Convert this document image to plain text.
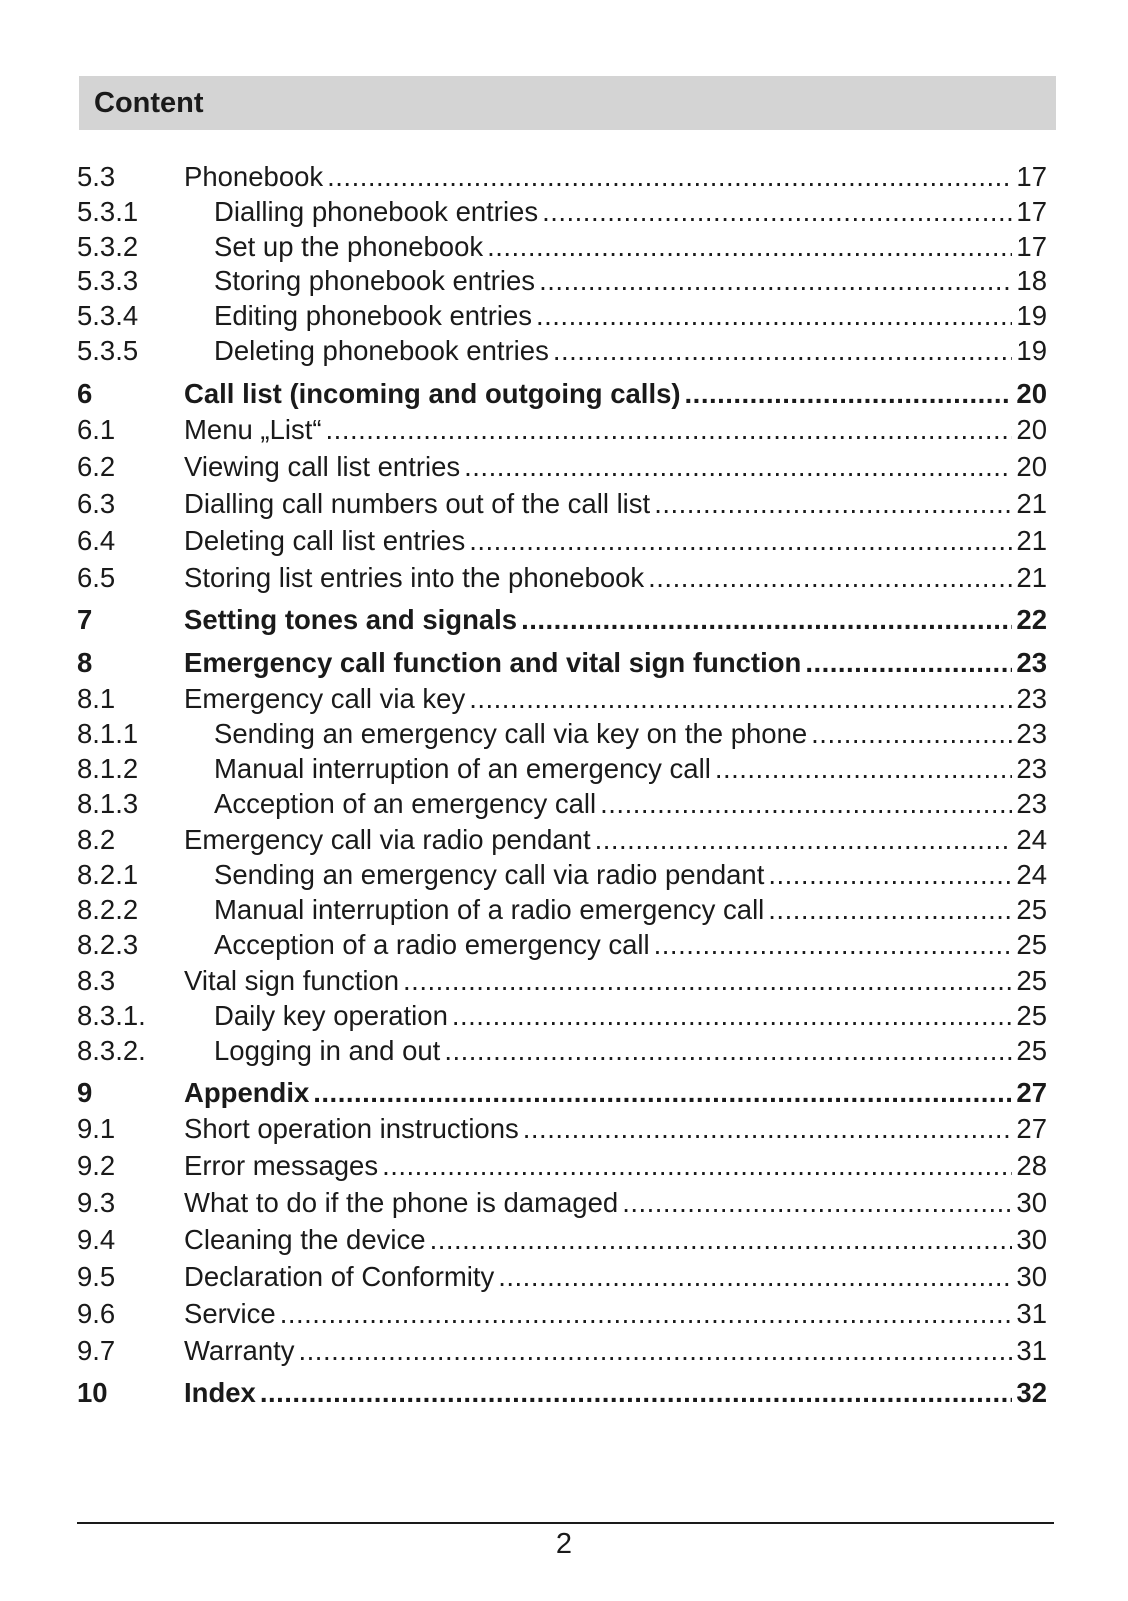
Content
5.3	Phonebook .....	17
5.3.1	Dialling phonebook entries .....	17
5.3.2	Set up the phonebook .....	17
5.3.3	Storing phonebook entries .....	18
5.3.4	Editing phonebook entries .....	19
5.3.5	Deleting phonebook entries .....	19
6	Call list (incoming and outgoing calls) .....	20
6.1	Menu „List“ .....	20
6.2	Viewing call list entries .....	20
6.3	Dialling call numbers out of the call list .....	21
6.4	Deleting call list entries .....	21
6.5	Storing list entries into the phonebook .....	21
7	Setting tones and signals .....	22
8	Emergency call function and vital sign function .....	23
8.1	Emergency call via key .....	23
8.1.1	Sending an emergency call via key on the phone .....	23
8.1.2	Manual interruption of an emergency call .....	23
8.1.3	Acception of an emergency call .....	23
8.2	Emergency call via radio pendant .....	24
8.2.1	Sending an emergency call via radio pendant .....	24
8.2.2	Manual interruption of a radio emergency call .....	25
8.2.3	Acception of a radio emergency call .....	25
8.3	Vital sign function .....	25
8.3.1. Daily key operation .....	25
8.3.2. Logging in and out .....	25
9	Appendix .....	27
9.1	Short operation instructions .....	27
9.2	Error messages .....	28
9.3	What to do if the phone is damaged .....	30
9.4	Cleaning the device .....	30
9.5	Declaration of Conformity .....	30
9.6	Service .....	31
9.7	Warranty .....	31
10	Index .....	32
2
